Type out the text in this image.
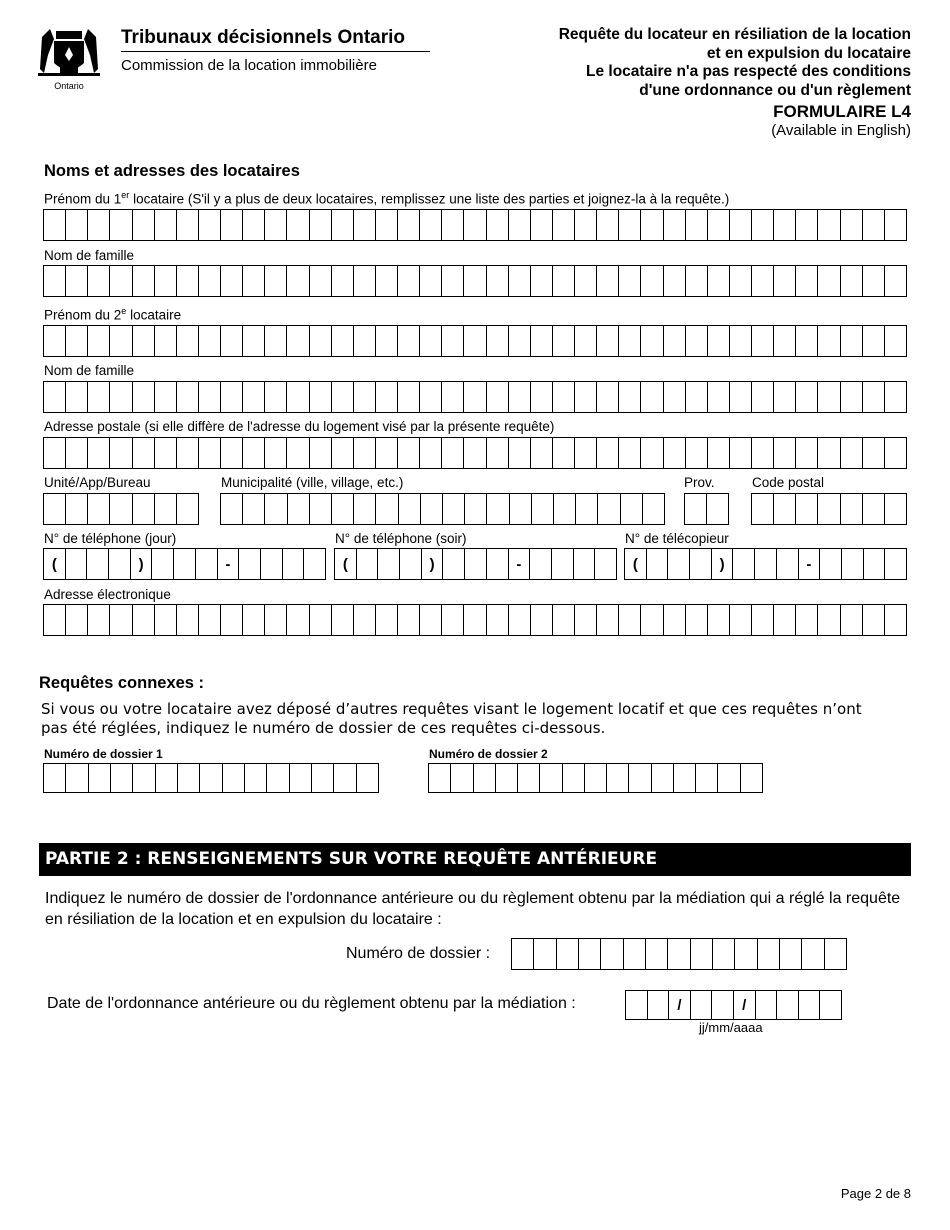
Ontario
Tribunaux décisionnels Ontario
Commission de la location immobilière
Requête du locateur en résiliation de la location
et en expulsion du locataire
Le locataire n'a pas respecté des conditions
d'une ordonnance ou d'un règlement
FORMULAIRE L4
(Available in English)
Noms et adresses des locataires
Prénom du 1er locataire (S'il y a plus de deux locataires, remplissez une liste des parties et joignez-la à la requête.)
Nom de famille
Prénom du 2e locataire
Nom de famille
Adresse postale (si elle diffère de l'adresse du logement visé par la présente requête)
Unité/App/Bureau	Municipalité (ville, village, etc.)	Prov.	Code postal
N° de téléphone (jour)	N° de téléphone (soir)	N° de télécopieur
(	)	-	(	)	-	(	)	-
Adresse électronique
Requêtes connexes :
Si vous ou votre locataire avez déposé d’autres requêtes visant le logement locatif et que ces requêtes n’ont pas été réglées, indiquez le numéro de dossier de ces requêtes ci-dessous.
Numéro de dossier 1	Numéro de dossier 2
PARTIE 2 : RENSEIGNEMENTS SUR VOTRE REQUÊTE ANTÉRIEURE
Indiquez le numéro de dossier de l'ordonnance antérieure ou du règlement obtenu par la médiation qui a réglé la requête en résiliation de la location et en expulsion du locataire :
Numéro de dossier :
Date de l'ordonnance antérieure ou du règlement obtenu par la médiation :	/	/
jj/mm/aaaa
Page 2 de 8
